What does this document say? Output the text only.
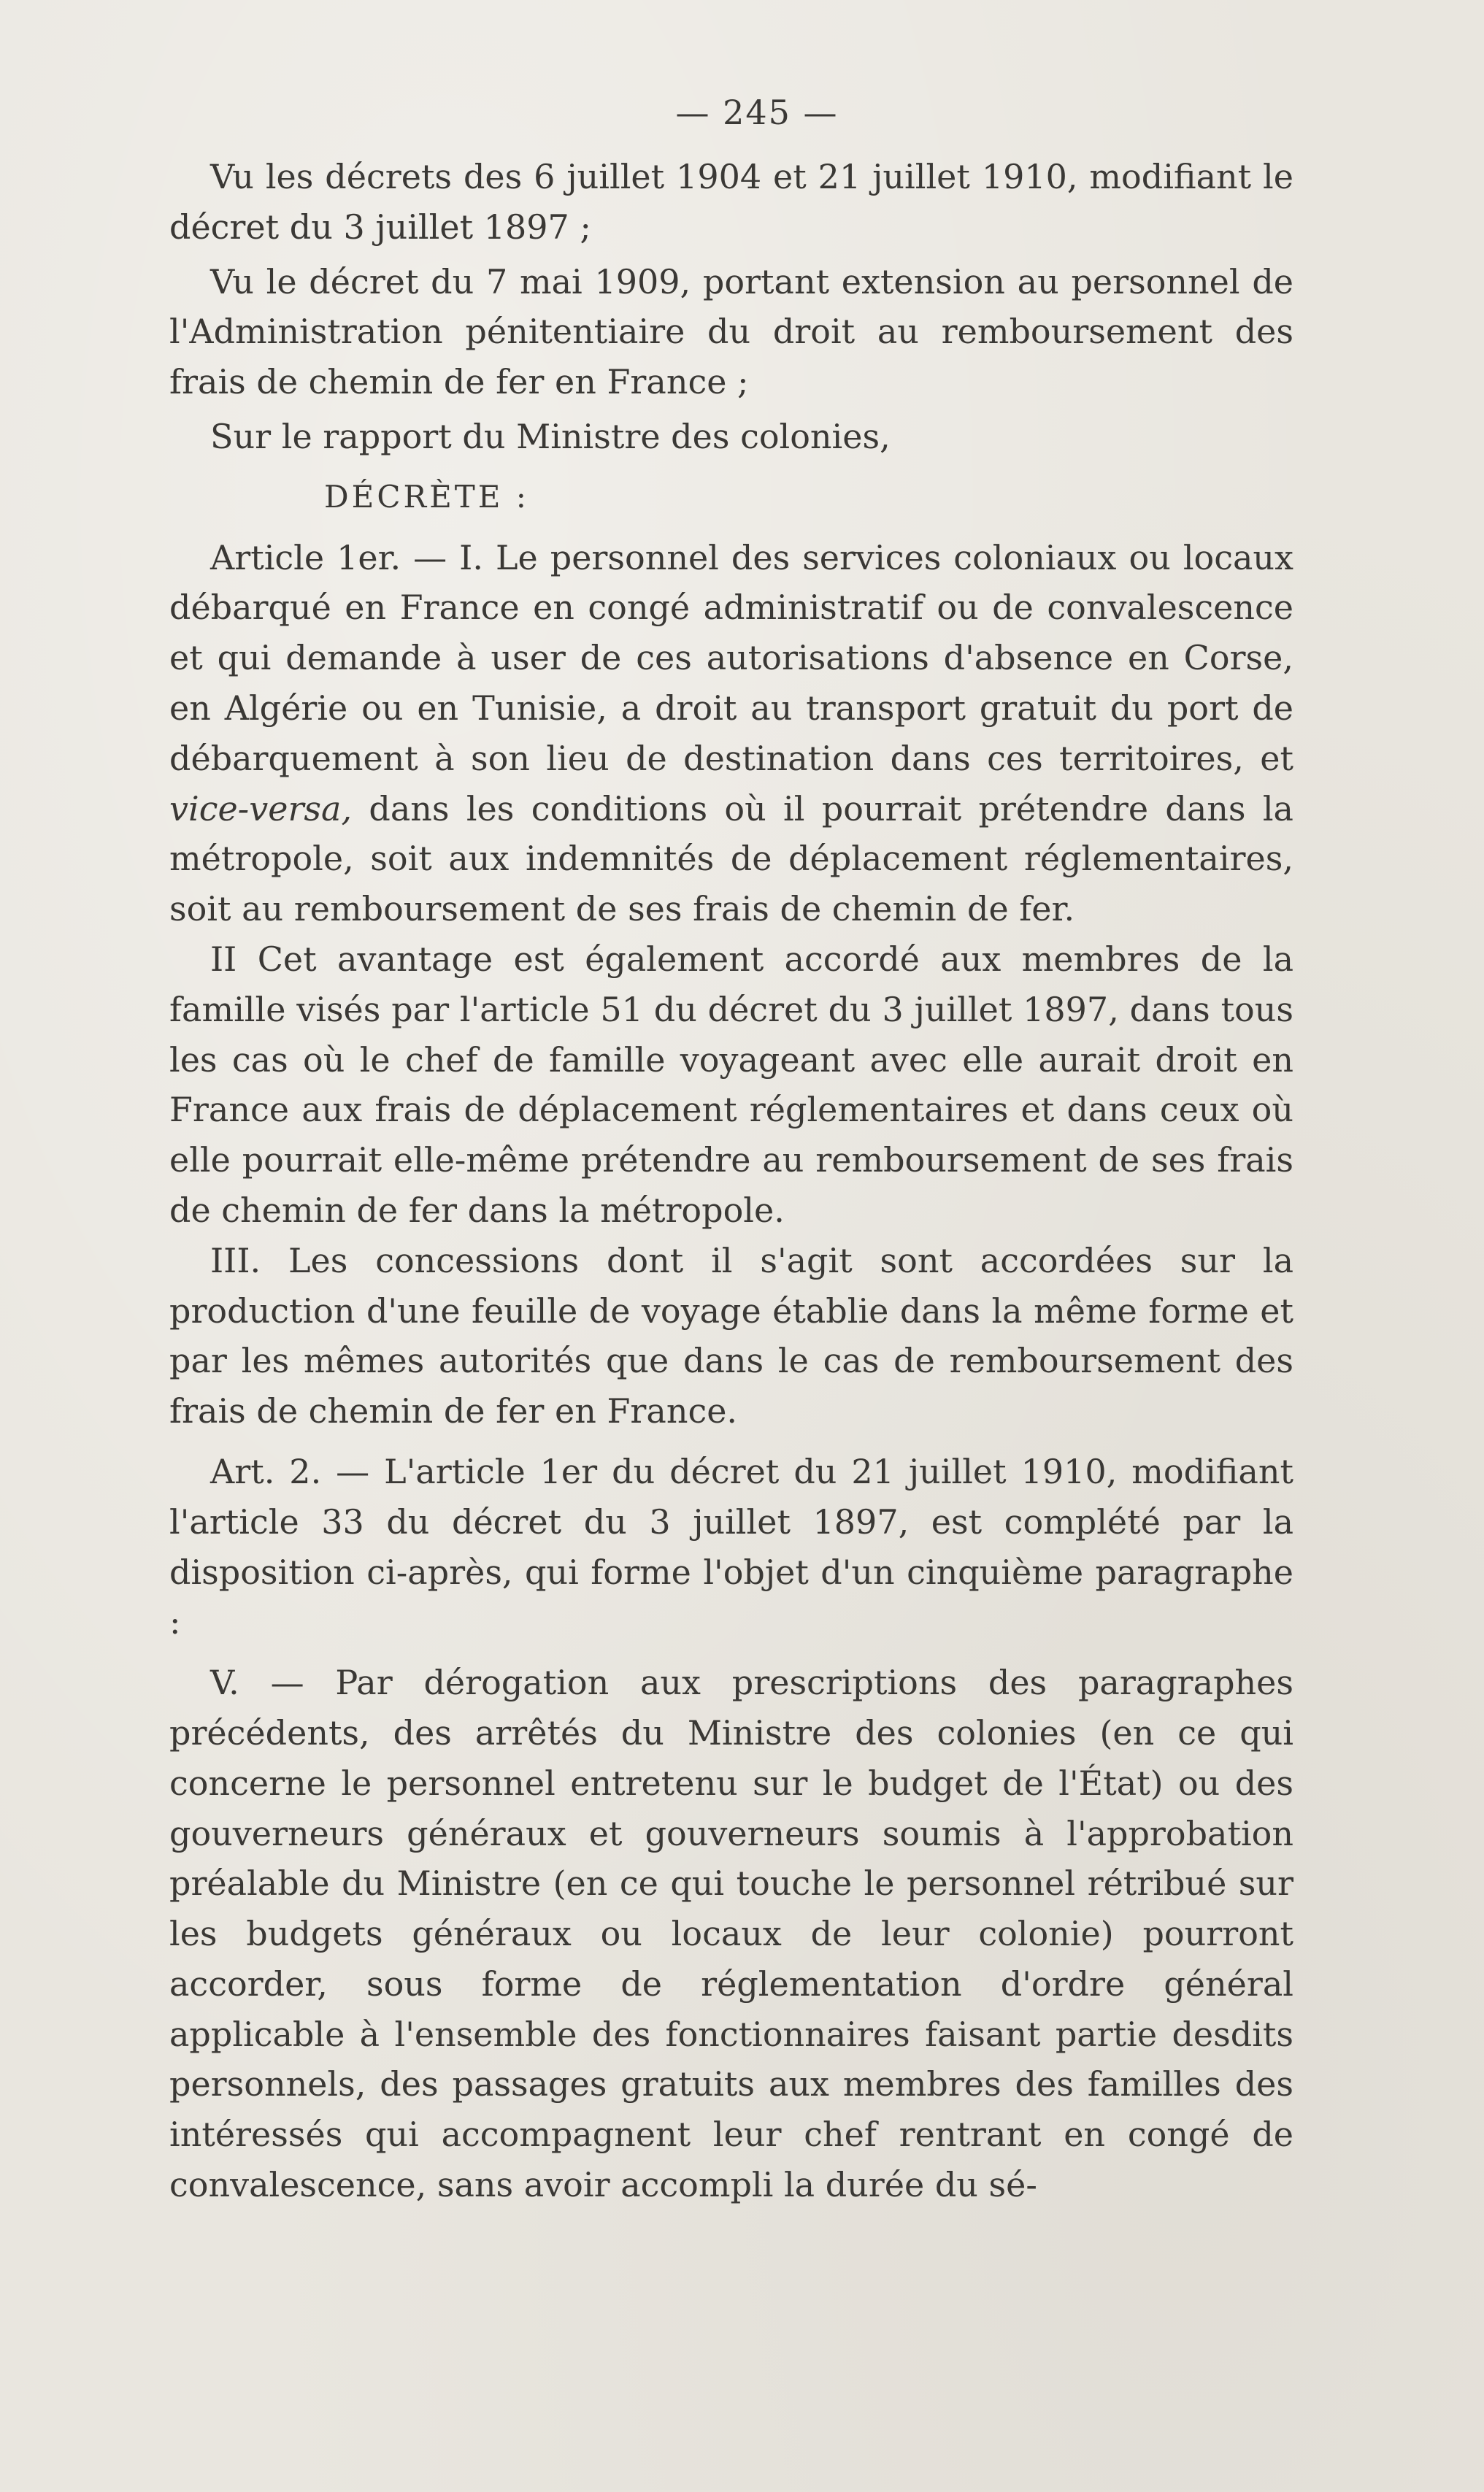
— 245 —

Vu les décrets des 6 juillet 1904 et 21 juillet 1910, modifiant le décret du 3 juillet 1897 ;

Vu le décret du 7 mai 1909, portant extension au personnel de l'Administration pénitentiaire du droit au remboursement des frais de chemin de fer en France ;

Sur le rapport du Ministre des colonies,

DÉCRÈTE :

Article 1er. — I. Le personnel des services coloniaux ou locaux débarqué en France en congé administratif ou de convalescence et qui demande à user de ces autorisations d'absence en Corse, en Algérie ou en Tunisie, a droit au transport gratuit du port de débarquement à son lieu de destination dans ces territoires, et vice-versa, dans les conditions où il pourrait prétendre dans la métropole, soit aux indemnités de déplacement réglementaires, soit au remboursement de ses frais de chemin de fer.

II Cet avantage est également accordé aux membres de la famille visés par l'article 51 du décret du 3 juillet 1897, dans tous les cas où le chef de famille voyageant avec elle aurait droit en France aux frais de déplacement réglementaires et dans ceux où elle pourrait elle-même prétendre au remboursement de ses frais de chemin de fer dans la métropole.

III. Les concessions dont il s'agit sont accordées sur la production d'une feuille de voyage établie dans la même forme et par les mêmes autorités que dans le cas de remboursement des frais de chemin de fer en France.

Art. 2. — L'article 1er du décret du 21 juillet 1910, modifiant l'article 33 du décret du 3 juillet 1897, est complété par la disposition ci-après, qui forme l'objet d'un cinquième paragraphe :

V. — Par dérogation aux prescriptions des paragraphes précédents, des arrêtés du Ministre des colonies (en ce qui concerne le personnel entretenu sur le budget de l'État) ou des gouverneurs généraux et gouverneurs soumis à l'approbation préalable du Ministre (en ce qui touche le personnel rétribué sur les budgets généraux ou locaux de leur colonie) pourront accorder, sous forme de réglementation d'ordre général applicable à l'ensemble des fonctionnaires faisant partie desdits personnels, des passages gratuits aux membres des familles des intéressés qui accompagnent leur chef rentrant en congé de convalescence, sans avoir accompli la durée du sé-
